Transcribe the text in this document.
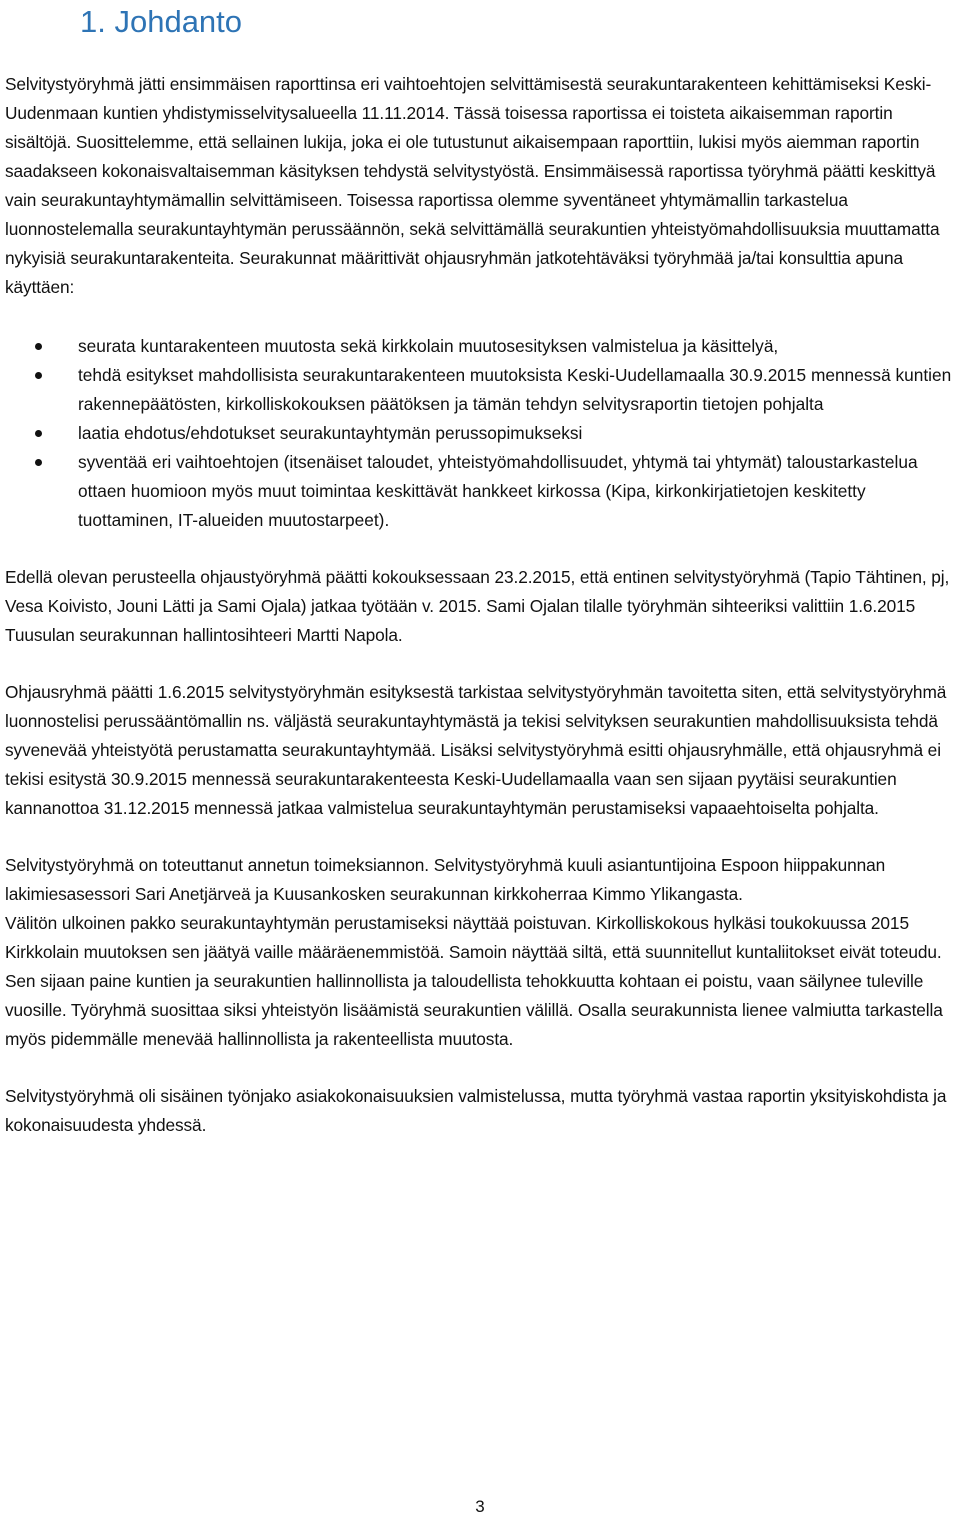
1. Johdanto

Selvitystyöryhmä jätti ensimmäisen raporttinsa eri vaihtoehtojen selvittämisestä seurakuntarakenteen kehittämiseksi Keski-Uudenmaan kuntien yhdistymisselvitysalueella 11.11.2014. Tässä toisessa raportissa ei toisteta aikaisemman raportin sisältöjä. Suosittelemme, että sellainen lukija, joka ei ole tutustunut aikaisempaan raporttiin, lukisi myös aiemman raportin saadakseen kokonaisvaltaisemman käsityksen tehdystä selvitystyöstä. Ensimmäisessä raportissa työryhmä päätti keskittyä vain seurakuntayhtymämallin selvittämiseen. Toisessa raportissa olemme syventäneet yhtymämallin tarkastelua luonnostelemalla seurakuntayhtymän perussäännön, sekä selvittämällä seurakuntien yhteistyömahdollisuuksia muuttamatta nykyisiä seurakuntarakenteita. Seurakunnat määrittivät ohjausryhmän jatkotehtäväksi työryhmää ja/tai konsulttia apuna käyttäen:

seurata kuntarakenteen muutosta sekä kirkkolain muutosesityksen valmistelua ja käsittelyä,
tehdä esitykset mahdollisista seurakuntarakenteen muutoksista Keski-Uudellamaalla 30.9.2015 mennessä kuntien rakennepäätösten, kirkolliskokouksen päätöksen ja tämän tehdyn selvitysraportin tietojen pohjalta
laatia ehdotus/ehdotukset seurakuntayhtymän perussopimukseksi
syventää eri vaihtoehtojen (itsenäiset taloudet, yhteistyömahdollisuudet, yhtymä tai yhtymät) taloustarkastelua ottaen huomioon myös muut toimintaa keskittävät hankkeet kirkossa (Kipa, kirkonkirjatietojen keskitetty tuottaminen, IT-alueiden muutostarpeet).

Edellä olevan perusteella ohjaustyöryhmä päätti kokouksessaan 23.2.2015, että entinen selvitystyöryhmä (Tapio Tähtinen, pj, Vesa Koivisto, Jouni Lätti ja Sami Ojala) jatkaa työtään v. 2015. Sami Ojalan tilalle työryhmän sihteeriksi valittiin 1.6.2015 Tuusulan seurakunnan hallintosihteeri Martti Napola.

Ohjausryhmä päätti 1.6.2015 selvitystyöryhmän esityksestä tarkistaa selvitystyöryhmän tavoitetta siten, että selvitystyöryhmä luonnostelisi perussääntömallin ns. väljästä seurakuntayhtymästä ja tekisi selvityksen seurakuntien mahdollisuuksista tehdä syvenevää yhteistyötä perustamatta seurakuntayhtymää. Lisäksi selvitystyöryhmä esitti ohjausryhmälle, että ohjausryhmä ei tekisi esitystä 30.9.2015 mennessä seurakuntarakenteesta Keski-Uudellamaalla vaan sen sijaan pyytäisi seurakuntien kannanottoa 31.12.2015 mennessä jatkaa valmistelua seurakuntayhtymän perustamiseksi vapaaehtoiselta pohjalta.

Selvitystyöryhmä on toteuttanut annetun toimeksiannon. Selvitystyöryhmä kuuli asiantuntijoina Espoon hiippakunnan lakimiesasessori Sari Anetjärveä ja Kuusankosken seurakunnan kirkkoherraa Kimmo Ylikangasta.

Välitön ulkoinen pakko seurakuntayhtymän perustamiseksi näyttää poistuvan. Kirkolliskokous hylkäsi toukokuussa 2015 Kirkkolain muutoksen sen jäätyä vaille määräenemmistöä. Samoin näyttää siltä, että suunnitellut kuntaliitokset eivät toteudu. Sen sijaan paine kuntien ja seurakuntien hallinnollista ja taloudellista tehokkuutta kohtaan ei poistu, vaan säilynee tuleville vuosille. Työryhmä suosittaa siksi yhteistyön lisäämistä seurakuntien välillä. Osalla seurakunnista lienee valmiutta tarkastella myös pidemmälle menevää hallinnollista ja rakenteellista muutosta.

Selvitystyöryhmä oli sisäinen työnjako asiakokonaisuuksien valmistelussa, mutta työryhmä vastaa raportin yksityiskohdista ja kokonaisuudesta yhdessä.

3
